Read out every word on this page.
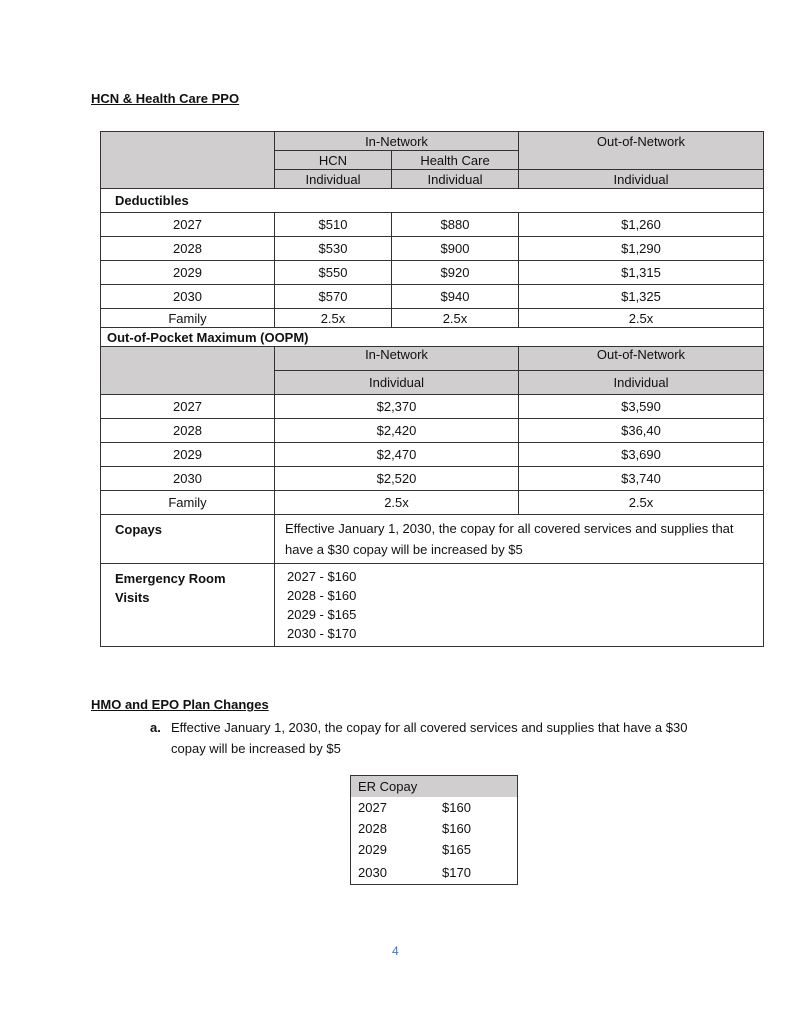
HCN & Health Care PPO
	In-Network		Out-of-Network
	HCN	Health Care	
	Individual	Individual	Individual
Deductibles			
2027	$510	$880	$1,260
2028	$530	$900	$1,290
2029	$550	$920	$1,315
2030	$570	$940	$1,325
Family	2.5x	2.5x	2.5x
Out-of-Pocket Maximum (OOPM)			
	In-Network		Out-of-Network
	Individual		Individual
2027	$2,370		$3,590
2028	$2,420		$36,40
2029	$2,470		$3,690
2030	$2,520		$3,740
Family	2.5x		2.5x
Copays	Effective January 1, 2030, the copay for all covered services and supplies that have a $30 copay will be increased by $5		

Emergency Room
Visits

2027 - $160
2028 - $160
2029 - $165
2030 - $170
HMO and EPO Plan Changes
a. Effective January 1, 2030, the copay for all covered services and supplies that have a $30 copay will be increased by $5
ER Copay	
2027	$160
2028	$160
2029	$165
2030	$170
4
